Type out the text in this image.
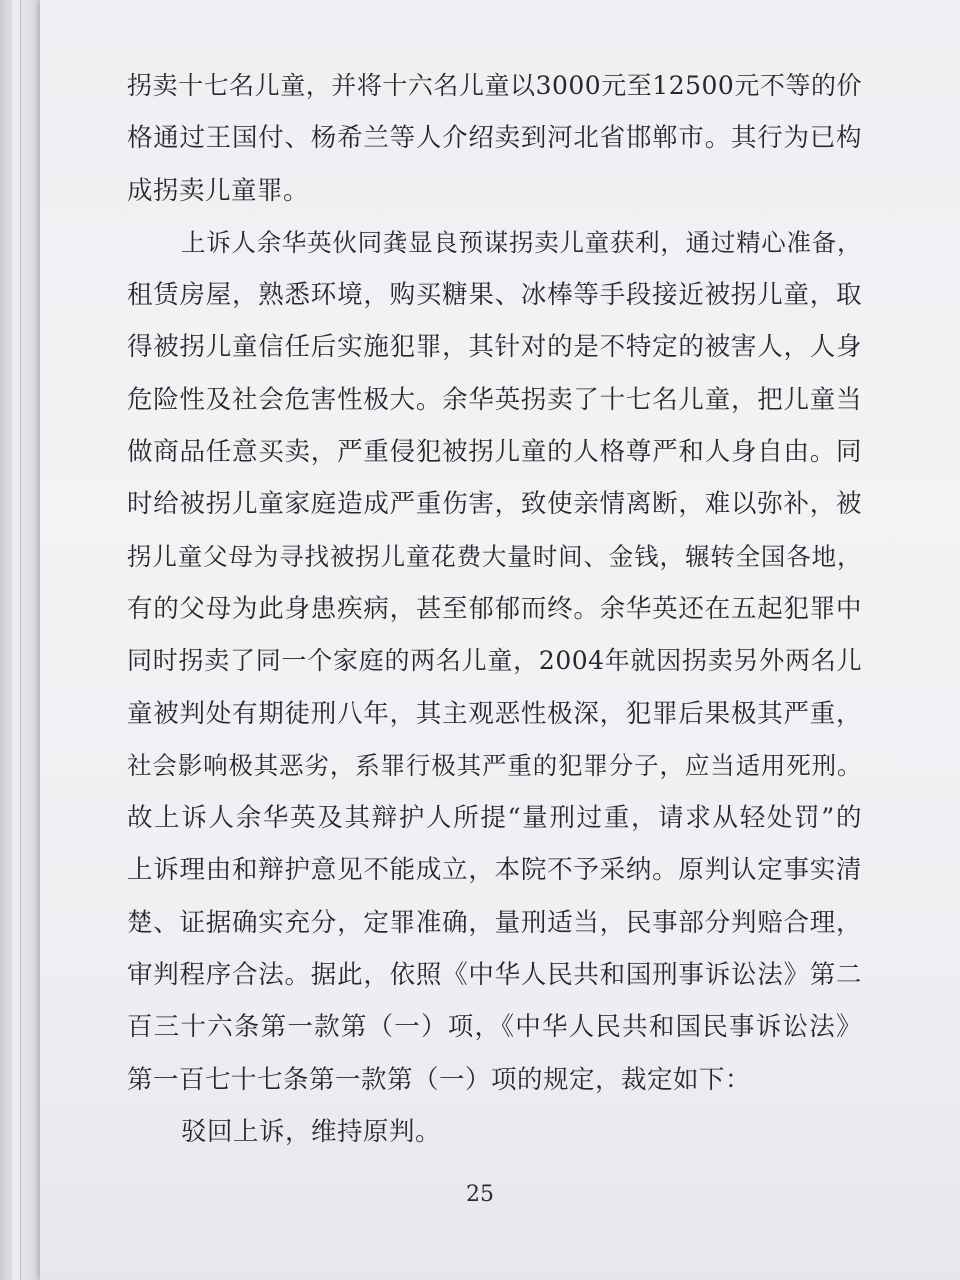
拐卖十七名儿童，并将十六名儿童以3000元至12500元不等的价
格通过王国付、杨希兰等人介绍卖到河北省邯郸市。其行为已构
成拐卖儿童罪。
上诉人余华英伙同龚显良预谋拐卖儿童获利，通过精心准备，
租赁房屋，熟悉环境，购买糖果、冰棒等手段接近被拐儿童，取
得被拐儿童信任后实施犯罪，其针对的是不特定的被害人，人身
危险性及社会危害性极大。余华英拐卖了十七名儿童，把儿童当
做商品任意买卖，严重侵犯被拐儿童的人格尊严和人身自由。同
时给被拐儿童家庭造成严重伤害，致使亲情离断，难以弥补，被
拐儿童父母为寻找被拐儿童花费大量时间、金钱，辗转全国各地，
有的父母为此身患疾病，甚至郁郁而终。余华英还在五起犯罪中
同时拐卖了同一个家庭的两名儿童，2004年就因拐卖另外两名儿
童被判处有期徒刑八年，其主观恶性极深，犯罪后果极其严重，
社会影响极其恶劣，系罪行极其严重的犯罪分子，应当适用死刑。
故上诉人余华英及其辩护人所提“量刑过重，请求从轻处罚”的
上诉理由和辩护意见不能成立，本院不予采纳。原判认定事实清
楚、证据确实充分，定罪准确，量刑适当，民事部分判赔合理，
审判程序合法。据此，依照《中华人民共和国刑事诉讼法》第二
百三十六条第一款第（一）项，《中华人民共和国民事诉讼法》
第一百七十七条第一款第（一）项的规定，裁定如下：
驳回上诉，维持原判。
25
